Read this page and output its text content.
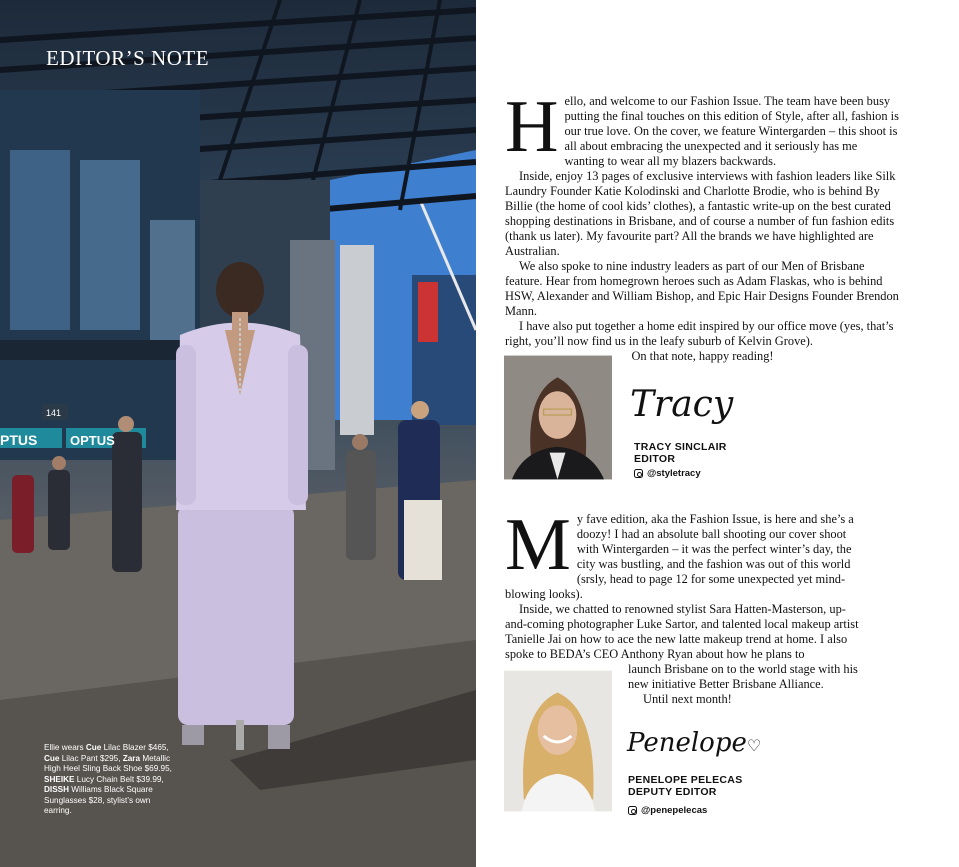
PTUS	OPTUS
141
EDITOR’S NOTE
Ellie wears Cue Lilac Blazer $465, Cue Lilac Pant $295, Zara Metallic High Heel Sling Back Shoe $69.95, SHEIKE Lucy Chain Belt $39.99, DISSH Williams Black Square Sunglasses $28, stylist’s own earring.

Hello, and welcome to our Fashion Issue. The team have been busy putting the final touches on this edition of Style, after all, fashion is our true love. On the cover, we feature Wintergarden – this shoot is all about embracing the unexpected and it seriously has me wanting to wear all my blazers backwards.

Inside, enjoy 13 pages of exclusive interviews with fashion leaders like Silk Laundry Founder Katie Kolodinski and Charlotte Brodie, who is behind By Billie (the home of cool kids’ clothes), a fantastic write-up on the best curated shopping destinations in Brisbane, and of course a number of fun fashion edits (thank us later). My favourite part? All the brands we have highlighted are Australian.

We also spoke to nine industry leaders as part of our Men of Brisbane feature. Hear from homegrown heroes such as Adam Flaskas, who is behind HSW, Alexander and William Bishop, and Epic Hair Designs Founder Brendon Mann.

I have also put together a home edit inspired by our office move (yes, that’s right, you’ll now find us in the leafy suburb of Kelvin Grove).

On that note, happy reading!

Tracy
TRACY SINCLAIR
EDITOR
@styletracy

My fave edition, aka the Fashion Issue, is here and she’s a doozy! I had an absolute ball shooting our cover shoot with Wintergarden – it was the perfect winter’s day, the city was bustling, and the fashion was out of this world (srsly, head to page 12 for some unexpected yet mind-blowing looks).

Inside, we chatted to renowned stylist Sara Hatten-Masterson, up-and-coming photographer Luke Sartor, and talented local makeup artist Tanielle Jai on how to ace the new latte makeup trend at home. I also spoke to BEDA’s CEO Anthony Ryan about how he plans to

launch Brisbane on to the world stage with his new initiative Better Brisbane Alliance.
Until next month!
Penelope♡
PENELOPE PELECAS
DEPUTY EDITOR
@penepelecas
